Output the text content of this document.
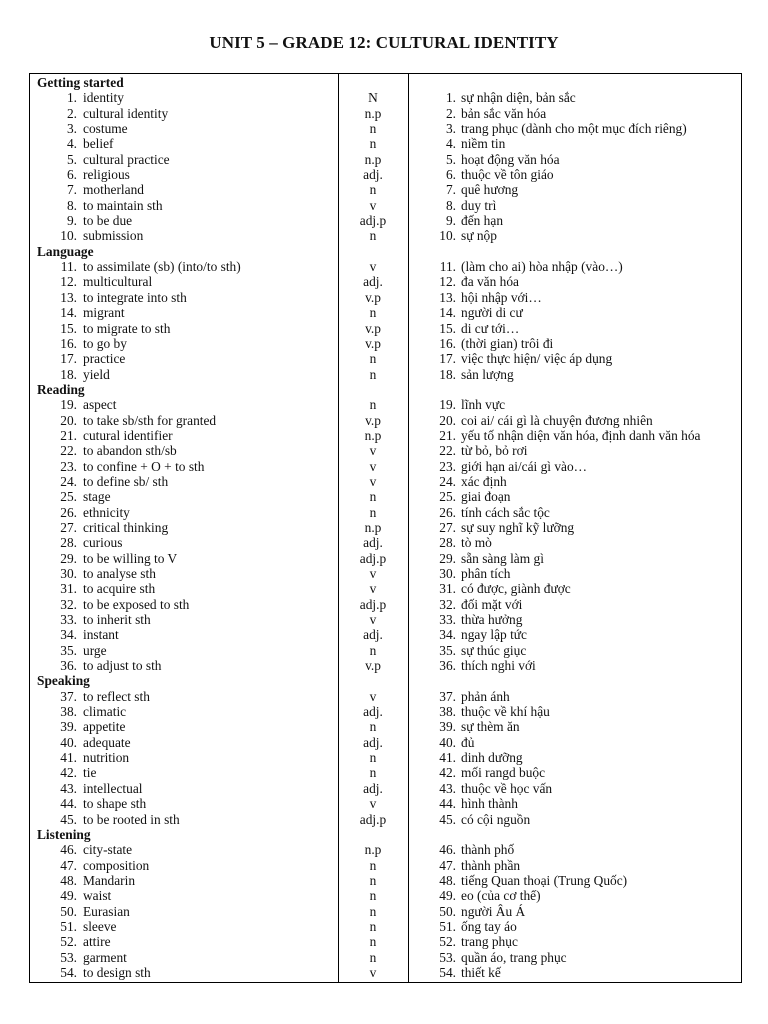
UNIT 5 – GRADE 12: CULTURAL IDENTITY
Getting started
1. identity	N	1. sự nhận diện, bản sắc
2. cultural identity	n.p	2. bản sắc văn hóa
3. costume	n	3. trang phục (dành cho một mục đích riêng)
4. belief	n	4. niềm tin
5. cultural practice	n.p	5. hoạt động văn hóa
6. religious	adj.	6. thuộc về tôn giáo
7. motherland	n	7. quê hương
8. to maintain sth	v	8. duy trì
9. to be due	adj.p	9. đến hạn
10. submission	n	10. sự nộp
Language
11. to assimilate (sb) (into/to sth)	v	11. (làm cho ai) hòa nhập (vào…)
12. multicultural	adj.	12. đa văn hóa
13. to integrate into sth	v.p	13. hội nhập với…
14. migrant	n	14. người di cư
15. to migrate to sth	v.p	15. di cư tới…
16. to go by	v.p	16. (thời gian) trôi đi
17. practice	n	17. việc thực hiện/ việc áp dụng
18. yield	n	18. sản lượng
Reading
19. aspect	n	19. lĩnh vực
20. to take sb/sth for granted	v.p	20. coi ai/ cái gì là chuyện đương nhiên
21. cutural identifier	n.p	21. yếu tố nhận diện văn hóa, định danh văn hóa
22. to abandon sth/sb	v	22. từ bỏ, bỏ rơi
23. to confine + O + to sth	v	23. giới hạn ai/cái gì vào…
24. to define sb/ sth	v	24. xác định
25. stage	n	25. giai đoạn
26. ethnicity	n	26. tính cách sắc tộc
27. critical thinking	n.p	27. sự suy nghĩ kỹ lưỡng
28. curious	adj.	28. tò mò
29. to be willing to V	adj.p	29. sẵn sàng làm gì
30. to analyse sth	v	30. phân tích
31. to acquire sth	v	31. có được, giành được
32. to be exposed to sth	adj.p	32. đối mặt với
33. to inherit sth	v	33. thừa hưởng
34. instant	adj.	34. ngay lập tức
35. urge	n	35. sự thúc giục
36. to adjust to sth	v.p	36. thích nghi với
Speaking
37. to reflect sth	v	37. phản ánh
38. climatic	adj.	38. thuộc về khí hậu
39. appetite	n	39. sự thèm ăn
40. adequate	adj.	40. đủ
41. nutrition	n	41. dinh dưỡng
42. tie	n	42. mối rangd buộc
43. intellectual	adj.	43. thuộc về học vấn
44. to shape sth	v	44. hình thành
45. to be rooted in sth	adj.p	45. có cội nguồn
Listening
46. city-state	n.p	46. thành phố
47. composition	n	47. thành phần
48. Mandarin	n	48. tiếng Quan thoại (Trung Quốc)
49. waist	n	49. eo (của cơ thể)
50. Eurasian	n	50. người Âu Á
51. sleeve	n	51. ống tay áo
52. attire	n	52. trang phục
53. garment	n	53. quần áo, trang phục
54. to design sth	v	54. thiết kế
